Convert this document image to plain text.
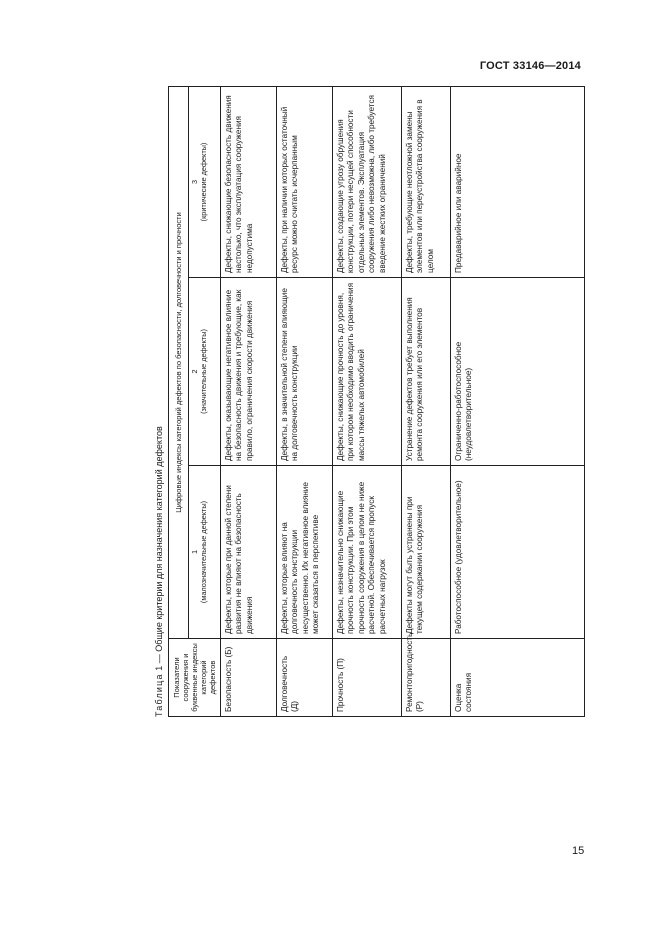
ГОСТ 33146—2014
Таблица 1 — Общие критерии для назначения категорий дефектов
Показатели сооружения и буквенные индексы категорий дефектов	Цифровые индексы категорий дефектов по безопасности, долговечности и прочности		

	1 (малозначительные дефекты)	2 (значительные дефекты)	3 (критические дефекты)
Безопасность (Б)	Дефекты, которые при данной степени развития не влияют на безопасность движения	Дефекты, оказывающие негативное влияние на безопасность движения и требующие, как правило, ограничения скорости движения	Дефекты, снижающие безопасность движения настолько, что эксплуатация сооружения недопустима
Долговечность (Д)	Дефекты, которые влияют на долговечность конструкции несущественно. Их негативное влияние может сказаться в перспективе	Дефекты, в значительной степени влияющие на долговечность конструкции	Дефекты, при наличии которых остаточный ресурс можно считать исчерпанным
Прочность (П)	Дефекты, незначительно снижающие прочность конструкции. При этом прочность сооружения в целом не ниже расчетной. Обеспечивается пропуск расчетных нагрузок	Дефекты, снижающие прочность до уровня, при котором необходимо вводить ограничения массы тяжелых автомобилей	Дефекты, создающие угрозу обрушения конструкции, потери несущей способности отдельных элементов. Эксплуатация сооружения либо невозможна, либо требуется введение жестких ограничений
Ремонтопригодность (Р)	Дефекты могут быть устранены при текущем содержании сооружения	Устранение дефектов требует выполнения ремонта сооружения или его элементов	Дефекты, требующие неотложной замены элементов или переустройства сооружения в целом
Оценка состояния	Работоспособное (удовлетворительное)	Ограниченно-работоспособное (неудовлетворительное)	Предаварийное или аварийное
15
